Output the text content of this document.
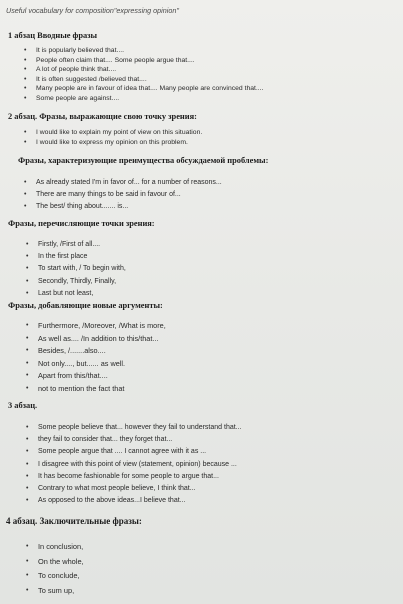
Useful vocabulary for composition"expressing opinion"
1 абзац Вводные фразы
• It is popularly believed that....
• People often claim that.... Some people argue that....
• A lot of people think that....
• It is often suggested /believed that....
• Many people are in favour of idea that.... Many people are convinced that....
• Some people are against....
2 абзац. Фразы, выражающие свою точку зрения:
• I would like to explain my point of view on this situation.
• I would like to express my opinion on this problem.
Фразы, характеризующие преимущества обсуждаемой проблемы:
• As already stated I'm in favor of... for a number of reasons...
• There are many things to be said in favour of...
• The best/ thing about....... is...
Фразы, перечисляющие точки зрения:
• Firstly, /First of all....
• In the first place
• To start with, / To begin with,
• Secondly, Thirdly, Finally,
• Last but not least,
Фразы, добавляющие новые аргументы:
• Furthermore, /Moreover, /What is more,
• As well as.... /In addition to this/that...
• Besides, /.......also....
• Not only...., but...... as well.
• Apart from this/that....
• not to mention the fact that
3 абзац.
• Some people believe that... however they fail to understand that...
• they fail to consider that... they forget that...
• Some people argue that .... I cannot agree with it as ...
• I disagree with this point of view (statement, opinion) because ...
• It has become fashionable for some people to argue that...
• Contrary to what most people believe, I think that...
• As opposed to the above ideas...I believe that...
4 абзац. Заключительные фразы:
• In conclusion,
• On the whole,
• To conclude,
• To sum up,
